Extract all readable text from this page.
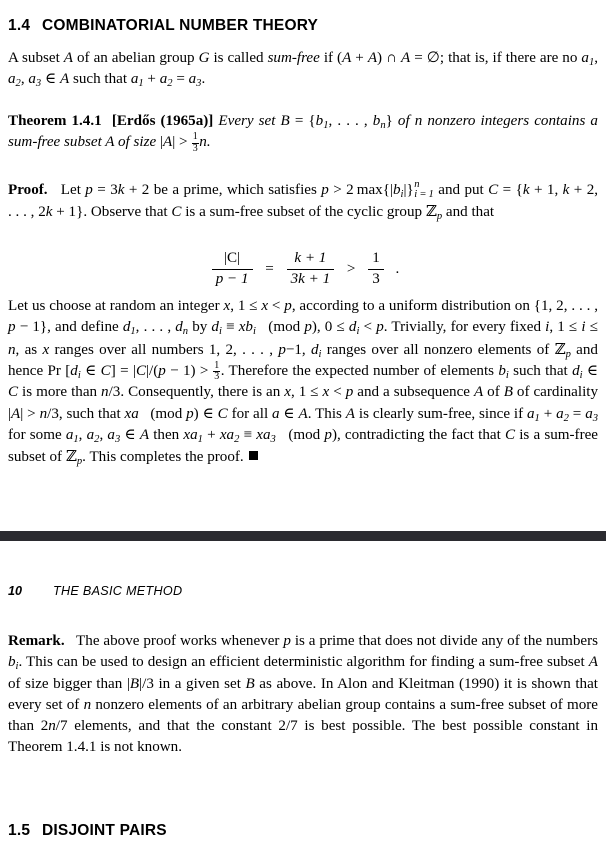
1.4 COMBINATORIAL NUMBER THEORY
A subset A of an abelian group G is called sum-free if (A + A) ∩ A = ∅; that is, if there are no $a_1$, $a_2$, $a_3$ ∈ A such that $a_1 + a_2 = a_3$.
Theorem 1.4.1 [Erdős (1965a)] Every set $B = \{b_1$, . . . , $b_n$} of n nonzero integers contains a sum-free subset A of size $|A| > \frac{1}{3} n$.
Proof.   Let p = 3k + 2 be a prime, which satisfies p > 2 $\max\{|b_i|\}$ n
i = 1 and put C = {k + 1, k + 2, . . . , 2k + 1}. Observe that C is a sum-free subset of the cyclic group ℤ$_p$ and that
$\frac{|C|}{p - 1} = \frac{k + 1}{3k + 1} > \frac{1}{3}$ .
Let us choose at random an integer x, 1 ≤ x < p, according to a uniform distribution on {1, 2, . . . , p − 1}, and define $d_1$, . . . , $d_n$ by $d_i \equiv xb_i$ (mod p), $0 \le d_i < p$. Trivially, for every fixed i, 1 ≤ i ≤ n, as x ranges over all numbers 1, 2, . . . , p−1, $d_i$ ranges over all nonzero elements of ℤ$_p$ and hence Pr [$d_i$ ∈ $C] = |C|/(p - 1) > \frac{1}{3}$ . Therefore the expected number of elements $b_i$ such that $d_i$ ∈ C is more than n/3. Consequently, there is an x, 1 ≤ x < p and a subsequence A of B of cardinality |A| > n/3, such that xa (mod p) ∈ C for all a ∈ A. This A is clearly sum-free, since if $a_1 + a_2 = a_3$ for some $a_1$, $a_2$, $a_3$ ∈ A then $xa_1 + xa_2 \equiv xa_3$ (mod p), contradicting the fact that C is a sum-free subset of ℤ$_p$. This completes the proof.
10 THE BASIC METHOD
Remark.   The above proof works whenever p is a prime that does not divide any of the numbers $b_i$. This can be used to design an efficient deterministic algorithm for finding a sum-free subset A of size bigger than |B|/3 in a given set B as above. In Alon and Kleitman (1990) it is shown that every set of n nonzero elements of an arbitrary abelian group contains a sum-free subset of more than 2n/7 elements, and that the constant 2/7 is best possible. The best possible constant in Theorem 1.4.1 is not known.
1.5 DISJOINT PAIRS
